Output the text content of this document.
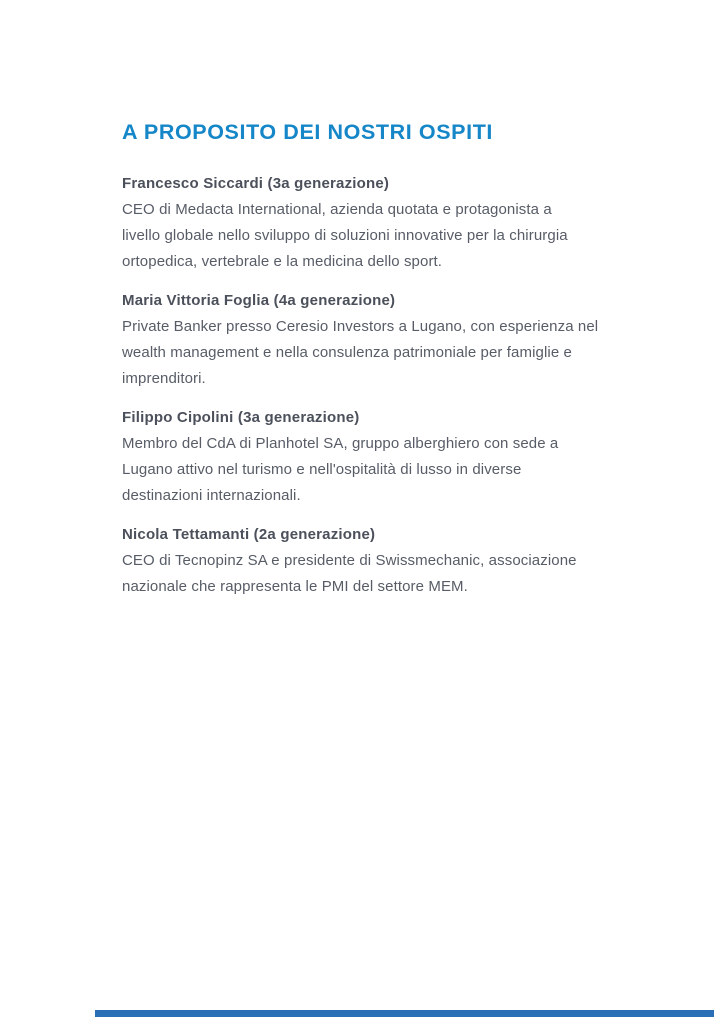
A PROPOSITO DEI NOSTRI OSPITI
Francesco Siccardi (3a generazione)
CEO di Medacta International, azienda quotata e protagonista a
livello globale nello sviluppo di soluzioni innovative per la chirurgia
ortopedica, vertebrale e la medicina dello sport.
Maria Vittoria Foglia (4a generazione)
Private Banker presso Ceresio Investors a Lugano, con esperienza nel
wealth management e nella consulenza patrimoniale per famiglie e
imprenditori.
Filippo Cipolini (3a generazione)
Membro del CdA di Planhotel SA, gruppo alberghiero con sede a
Lugano attivo nel turismo e nell'ospitalità di lusso in diverse
destinazioni internazionali.
Nicola Tettamanti (2a generazione)
CEO di Tecnopinz SA e presidente di Swissmechanic, associazione
nazionale che rappresenta le PMI del settore MEM.
